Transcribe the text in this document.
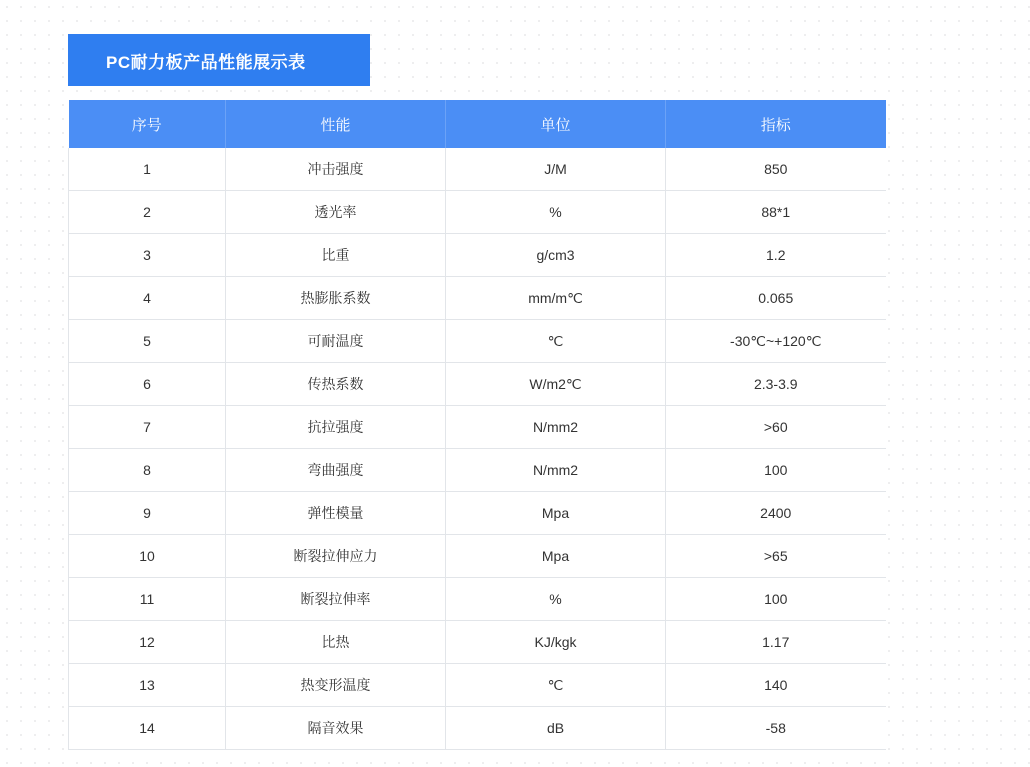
PC耐力板产品性能展示表
序号	性能	单位	指标
1	冲击强度	J/M	850
2	透光率	%	88*1
3	比重	g/cm3	1.2
4	热膨胀系数	mm/m℃	0.065
5	可耐温度	℃	-30℃~+120℃
6	传热系数	W/m2℃	2.3-3.9
7	抗拉强度	N/mm2	>60
8	弯曲强度	N/mm2	100
9	弹性模量	Mpa	2400
10	断裂拉伸应力	Mpa	>65
11	断裂拉伸率	%	100
12	比热	KJ/kgk	1.17
13	热变形温度	℃	140
14	隔音效果	dB	-58
